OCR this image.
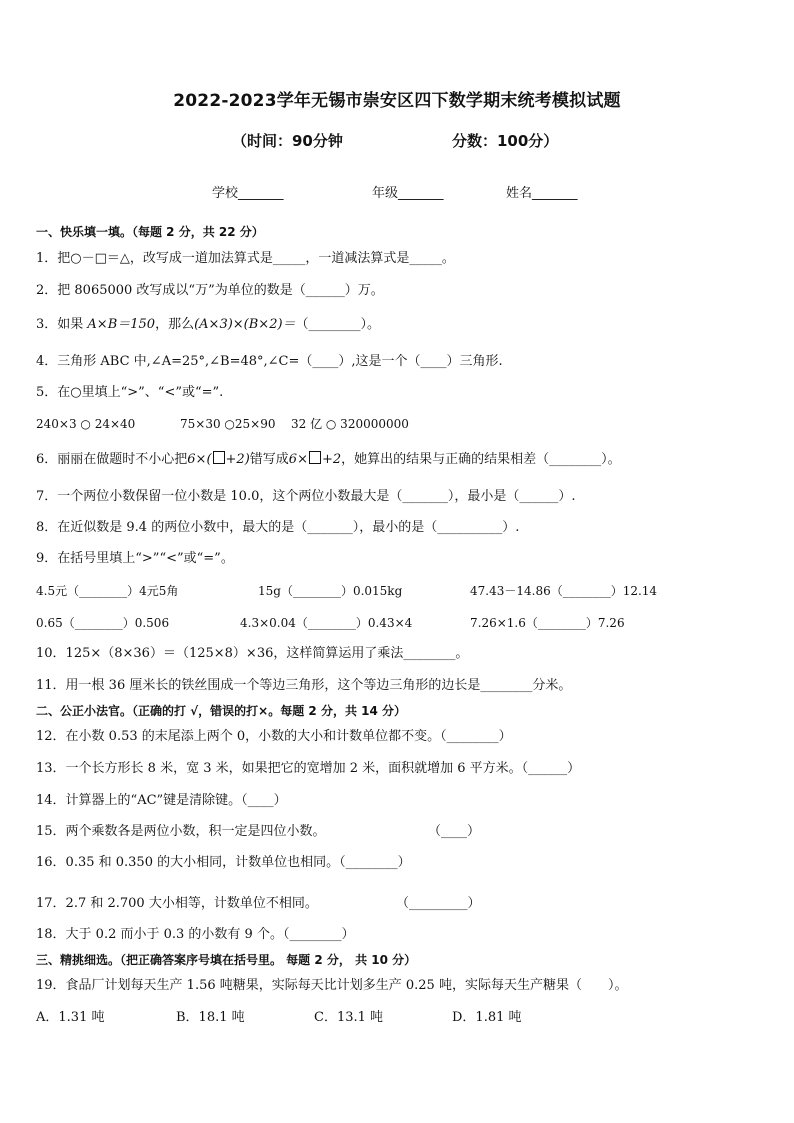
2022-2023学年无锡市崇安区四下数学期末统考模拟试题
（时间：90分钟	分数：100分）
学校_______	年级_______	姓名_______
一、快乐填一填。（每题 2 分，共 22 分）
1．把○－□＝△，改写成一道加法算式是_____，一道减法算式是_____。
2．把 8065000 改写成以“万”为单位的数是（______）万。
3．如果 A×B＝150，那么(A×3)×(B×2)＝（________）。
4．三角形 ABC 中,∠A=25°,∠B=48°,∠C=（____）,这是一个（____）三角形.
5．在○里填上“>”、“<”或“=”.
240×3 ○ 24×40	75×30 ○25×90 32 亿 ○ 320000000
6．丽丽在做题时不小心把6×( +2)错写成6× +2，她算出的结果与正确的结果相差（________）。
7．一个两位小数保留一位小数是 10.0，这个两位小数最大是（_______），最小是（______）.
8．在近似数是 9.4 的两位小数中，最大的是（_______），最小的是（__________）.
9．在括号里填上“>”“<”或“=”。
4.5元（________）4元5角	15g（________）0.015kg	47.43－14.86（________）12.14
0.65（________）0.506	4.3×0.04（________）0.43×4	7.26×1.6（________）7.26
10．125×（8×36）＝（125×8）×36，这样简算运用了乘法________。
11．用一根 36 厘米长的铁丝围成一个等边三角形，这个等边三角形的边长是________分米。
二、公正小法官。（正确的打 √，错误的打×。每题 2 分，共 14 分）
12．在小数 0.53 的末尾添上两个 0，小数的大小和计数单位都不变。（________）
13．一个长方形长 8 米，宽 3 米，如果把它的宽增加 2 米，面积就增加 6 平方米。（______）
14．计算器上的“AC”键是清除键。（____）
15．两个乘数各是两位小数，积一定是四位小数。	（____）
16．0.35 和 0.350 的大小相同，计数单位也相同。（________）
17．2.7 和 2.700 大小相等，计数单位不相同。	（_________）
18．大于 0.2 而小于 0.3 的小数有 9 个。（________）
三、精挑细选。（把正确答案序号填在括号里。 每题 2 分， 共 10 分）
19．食品厂计划每天生产 1.56 吨糖果，实际每天比计划多生产 0.25 吨，实际每天生产糖果（　　）。
A．1.31 吨	B．18.1 吨	C．13.1 吨	D．1.81 吨
